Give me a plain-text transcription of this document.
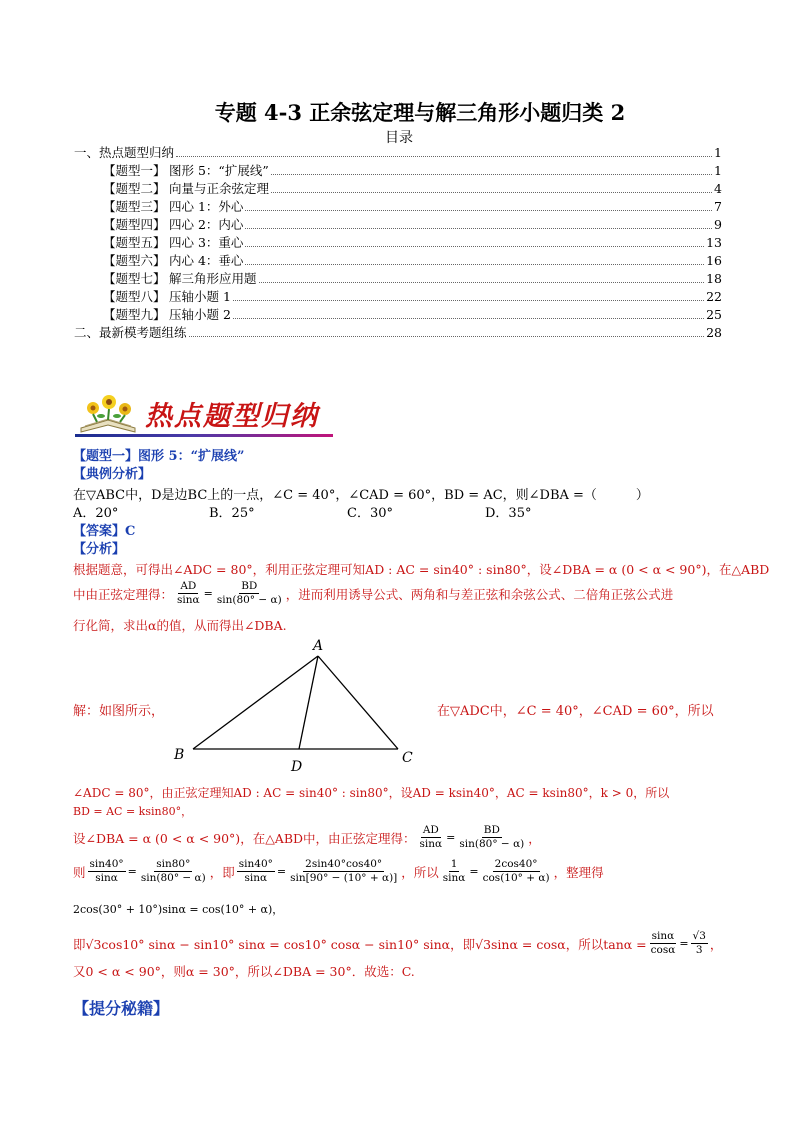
专题 4-3 正余弦定理与解三角形小题归类 2
目录
一、热点题型归纳	1
【题型一】 图形 5：“扩展线”	1
【题型二】 向量与正余弦定理	4
【题型三】 四心 1：外心	7
【题型四】 四心 2：内心	9
【题型五】 四心 3：重心	13
【题型六】 内心 4：垂心	16
【题型七】 解三角形应用题	18
【题型八】 压轴小题 1	22
【题型九】 压轴小题 2	25
二、最新模考题组练	28
热点题型归纳
【题型一】图形 5：“扩展线”
【典例分析】
在▽ABC中，D是边BC上的一点，∠C = 40°，∠CAD = 60°，BD = AC，则∠DBA =（　　　）
A．20°	B．25°	C．30°	D．35°
【答案】C
【分析】
根据题意，可得出∠ADC = 80°，利用正弦定理可知AD : AC = sin40° : sin80°，设∠DBA = α (0 < α < 90°)，在△ABD
中由正弦定理得： $\frac{AD}{\sin\alpha} = \frac{BD}{\sin(80^\circ - \alpha)}$ ，进而利用诱导公式、两角和与差正弦和余弦公式、二倍角正弦公式进
行化简，求出α的值，从而得出∠DBA.
A
B	C
D
解：如图所示，	在▽ADC中，∠C = 40°，∠CAD = 60°，所以
∠ADC = 80°，由正弦定理知AD : AC = sin40° : sin80°，设AD = ksin40°，AC = ksin80°，k > 0，所以
BD = AC = ksin80°，
设∠DBA = α (0 < α < 90°)，在△ABD中，由正弦定理得： $\frac{AD}{\sin\alpha} = \frac{BD}{\sin(80^\circ - \alpha)}$ ，
则 $\frac{\sin 40^\circ}{\sin\alpha} = \frac{\sin 80^\circ}{\sin(80^\circ - \alpha)}$ ，即 $\frac{\sin 40^\circ}{\sin\alpha} = \frac{2\sin 40^\circ\cos 40^\circ}{\sin[90^\circ - (10^\circ + \alpha)]}$ ，所以 $\frac{1}{\sin\alpha} = \frac{2\cos 40^\circ}{\cos(10^\circ + \alpha)}$ ，整理得
2cos(30° + 10°)sinα = cos(10° + α)，
即√3cos10° sinα − sin10° sinα = cos10° cosα − sin10° sinα，即√3sinα = cosα，所以$\tan\alpha = \frac{\sin\alpha}{\cos\alpha} = \frac{√3}{3}$ ，
又0 < α < 90°，则α = 30°，所以∠DBA = 30°．故选：C.
【提分秘籍】
